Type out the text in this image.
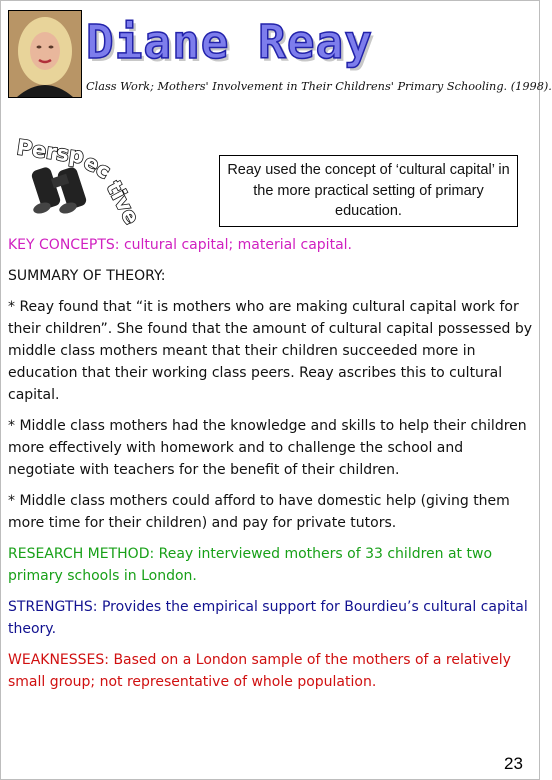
Diane Reay
Class Work; Mothers' Involvement in Their Childrens' Primary Schooling. (1998).
Persp
ec
tive
Reay used the concept of ‘cultural capital’ in the more practical setting of primary education.

KEY CONCEPTS: cultural capital; material capital.

SUMMARY OF THEORY:

* Reay found that “it is mothers who are making cultural capital work for their children”. She found that the amount of cultural capital possessed by middle class mothers meant that their children succeeded more in education that their working class peers. Reay ascribes this to cultural capital.

* Middle class mothers had the knowledge and skills to help their children more effectively with homework and to challenge the school and negotiate with teachers for the benefit of their children.

* Middle class mothers could afford to have domestic help (giving them more time for their children) and pay for private tutors.

RESEARCH METHOD: Reay interviewed mothers of 33 children at two primary schools in London.

STRENGTHS: Provides the empirical support for Bourdieu’s cultural capital theory.

WEAKNESSES: Based on a London sample of the mothers of a relatively small group; not representative of whole population.

23
